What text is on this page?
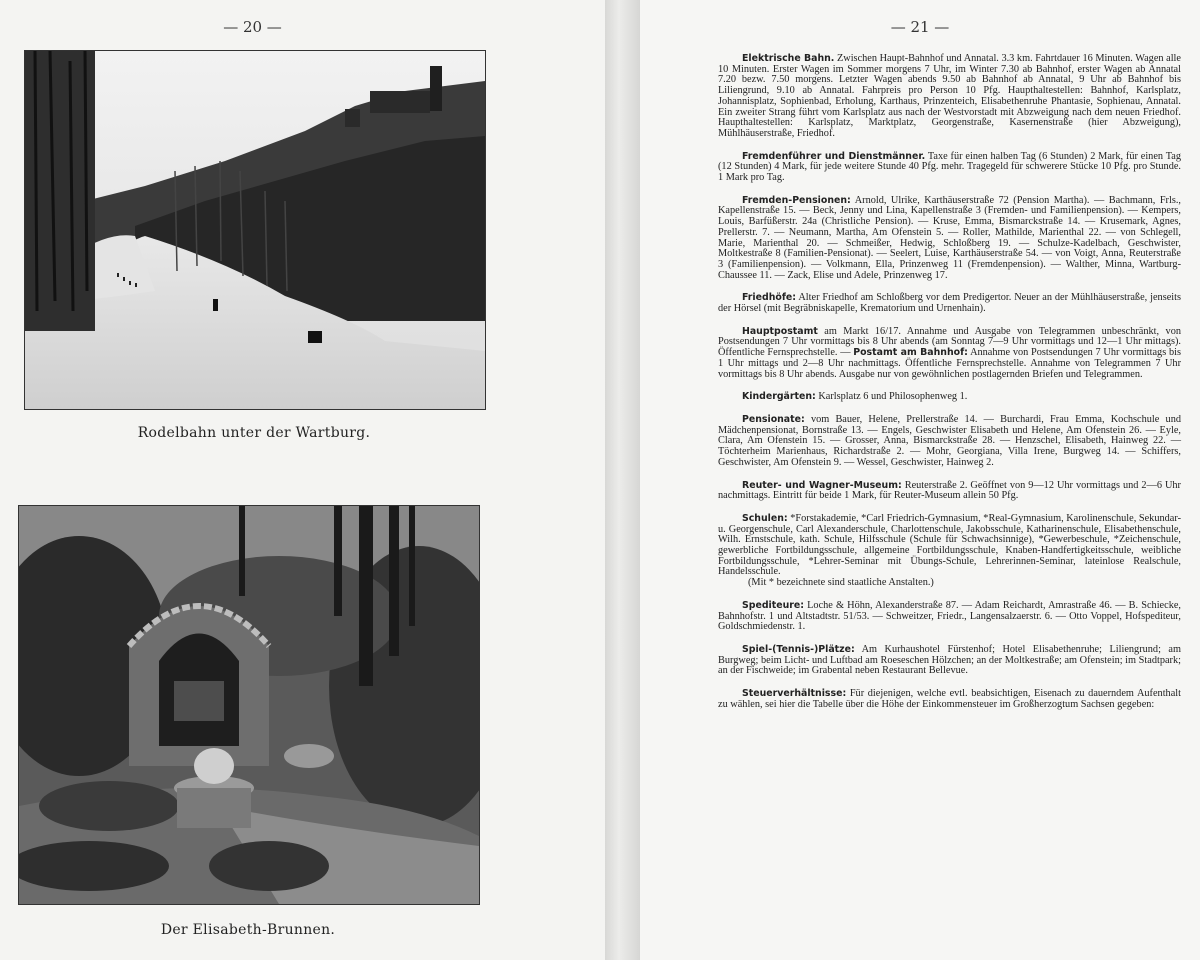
— 20 —
Rodelbahn unter der Wartburg.
Der Elisabeth-Brunnen.
— 21 —
Elektrische Bahn. Zwischen Haupt-Bahnhof und Annatal. 3.3 km. Fahrtdauer 16 Minuten. Wagen alle 10 Minuten. Erster Wagen im Sommer morgens 7 Uhr, im Winter 7.30 ab Bahnhof, erster Wagen ab Annatal 7.20 bezw. 7.50 morgens. Letzter Wagen abends 9.50 ab Bahnhof ab Annatal, 9 Uhr ab Bahnhof bis Liliengrund, 9.10 ab Annatal. Fahrpreis pro Person 10 Pfg. Haupthaltestellen: Bahnhof, Karlsplatz, Johannisplatz, Sophienbad, Erholung, Karthaus, Prinzenteich, Elisabethenruhe Phantasie, Sophienau, Annatal. Ein zweiter Strang führt vom Karlsplatz aus nach der Westvorstadt mit Abzweigung nach dem neuen Friedhof. Haupthaltestellen: Karlsplatz, Marktplatz, Georgenstraße, Kasernenstraße (hier Abzweigung), Mühlhäuserstraße, Friedhof.
Fremdenführer und Dienstmänner. Taxe für einen halben Tag (6 Stunden) 2 Mark, für einen Tag (12 Stunden) 4 Mark, für jede weitere Stunde 40 Pfg. mehr. Tragegeld für schwerere Stücke 10 Pfg. pro Stunde. 1 Mark pro Tag.
Fremden-Pensionen: Arnold, Ulrike, Karthäuserstraße 72 (Pension Martha). — Bachmann, Frls., Kapellenstraße 15. — Beck, Jenny und Lina, Kapellenstraße 3 (Fremden- und Familienpension). — Kempers, Louis, Barfüßerstr. 24a (Christliche Pension). — Kruse, Emma, Bismarckstraße 14. — Krusemark, Agnes, Prellerstr. 7. — Neumann, Martha, Am Ofenstein 5. — Roller, Mathilde, Marienthal 22. — von Schlegell, Marie, Marienthal 20. — Schmeißer, Hedwig, Schloßberg 19. — Schulze-Kadelbach, Geschwister, Moltkestraße 8 (Familien-Pensionat). — Seelert, Luise, Karthäuserstraße 54. — von Voigt, Anna, Reuterstraße 3 (Familienpension). — Volkmann, Ella, Prinzenweg 11 (Fremdenpension). — Walther, Minna, Wartburg-Chaussee 11. — Zack, Elise und Adele, Prinzenweg 17.
Friedhöfe: Alter Friedhof am Schloßberg vor dem Predigertor. Neuer an der Mühlhäuserstraße, jenseits der Hörsel (mit Begräbniskapelle, Krematorium und Urnenhain).
Hauptpostamt am Markt 16/17. Annahme und Ausgabe von Telegrammen unbeschränkt, von Postsendungen 7 Uhr vormittags bis 8 Uhr abends (am Sonntag 7—9 Uhr vormittags und 12—1 Uhr mittags). Öffentliche Fernsprechstelle. — Postamt am Bahnhof: Annahme von Postsendungen 7 Uhr vormittags bis 1 Uhr mittags und 2—8 Uhr nachmittags. Öffentliche Fernsprechstelle. Annahme von Telegrammen 7 Uhr vormittags bis 8 Uhr abends. Ausgabe nur von gewöhnlichen postlagernden Briefen und Telegrammen.
Kindergärten: Karlsplatz 6 und Philosophenweg 1.
Pensionate: vom Bauer, Helene, Prellerstraße 14. — Burchardi, Frau Emma, Kochschule und Mädchenpensionat, Bornstraße 13. — Engels, Geschwister Elisabeth und Helene, Am Ofenstein 26. — Eyle, Clara, Am Ofenstein 15. — Grosser, Anna, Bismarckstraße 28. — Henzschel, Elisabeth, Hainweg 22. — Töchterheim Marienhaus, Richardstraße 2. — Mohr, Georgiana, Villa Irene, Burgweg 14. — Schiffers, Geschwister, Am Ofenstein 9. — Wessel, Geschwister, Hainweg 2.
Reuter- und Wagner-Museum: Reuterstraße 2. Geöffnet von 9—12 Uhr vormittags und 2—6 Uhr nachmittags. Eintritt für beide 1 Mark, für Reuter-Museum allein 50 Pfg.
Schulen: *Forstakademie, *Carl Friedrich-Gymnasium, *Real-Gymnasium, Karolinenschule, Sekundar- u. Georgenschule, Carl Alexanderschule, Charlottenschule, Jakobsschule, Katharinenschule, Elisabethenschule, Wilh. Ernstschule, kath. Schule, Hilfsschule (Schule für Schwachsinnige), *Gewerbeschule, *Zeichenschule, gewerbliche Fortbildungsschule, allgemeine Fortbildungsschule, Knaben-Handfertigkeitsschule, weibliche Fortbildungsschule, *Lehrer-Seminar mit Übungs-Schule, Lehrerinnen-Seminar, lateinlose Realschule, Handelsschule.

(Mit * bezeichnete sind staatliche Anstalten.)

Spediteure: Loche & Höhn, Alexanderstraße 87. — Adam Reichardt, Amrastraße 46. — B. Schiecke, Bahnhofstr. 1 und Altstadtstr. 51/53. — Schweitzer, Friedr., Langensalzaerstr. 6. — Otto Voppel, Hofspediteur, Goldschmiedenstr. 1.
Spiel-(Tennis-)Plätze: Am Kurhaushotel Fürstenhof; Hotel Elisabethenruhe; Liliengrund; am Burgweg; beim Licht- und Luftbad am Roeseschen Hölzchen; an der Moltkestraße; am Ofenstein; im Stadtpark; an der Fischweide; im Grabental neben Restaurant Bellevue.
Steuerverhältnisse: Für diejenigen, welche evtl. beabsichtigen, Eisenach zu dauerndem Aufenthalt zu wählen, sei hier die Tabelle über die Höhe der Einkommensteuer im Großherzogtum Sachsen gegeben:
